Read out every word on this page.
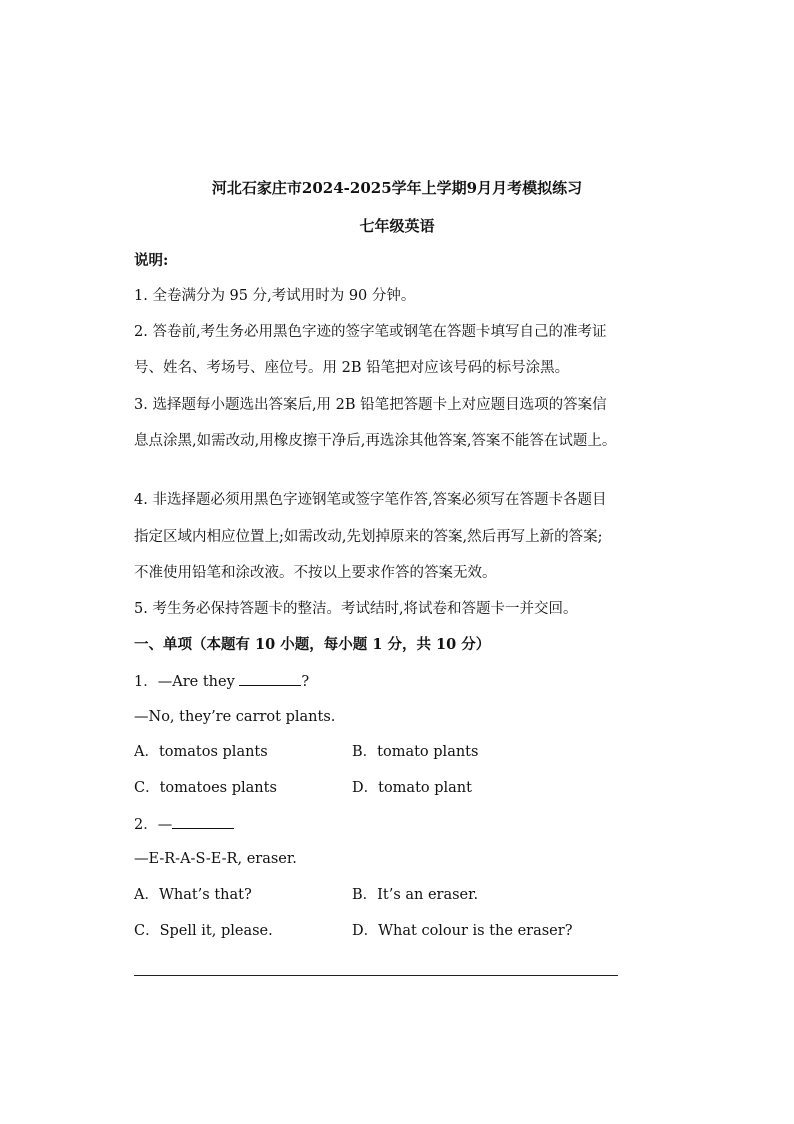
河北石家庄市2024-2025学年上学期9月月考模拟练习
七年级英语
说明:
1. 全卷满分为 95 分,考试用时为 90 分钟。
2. 答卷前,考生务必用黑色字迹的签字笔或钢笔在答题卡填写自己的准考证
号、姓名、考场号、座位号。用 2B 铅笔把对应该号码的标号涂黑。
3. 选择题每小题选出答案后,用 2B 铅笔把答题卡上对应题目选项的答案信
息点涂黑,如需改动,用橡皮擦干净后,再选涂其他答案,答案不能答在试题上。
4. 非选择题必须用黑色字迹钢笔或签字笔作答,答案必须写在答题卡各题目
指定区域内相应位置上;如需改动,先划掉原来的答案,然后再写上新的答案;
不准使用铅笔和涂改液。不按以上要求作答的答案无效。
5. 考生务必保持答题卡的整洁。考试结时,将试卷和答题卡一并交回。
一、单项（本题有 10 小题，每小题 1 分，共 10 分）
1．—Are they	?
—No, they’re carrot plants.
A．tomatos plants	B．tomato plants
C．tomatoes plants	D．tomato plant
2．—
—E-R-A-S-E-R, eraser.
A．What’s that?	B．It’s an eraser.
C．Spell it, please.	D．What colour is the eraser?
